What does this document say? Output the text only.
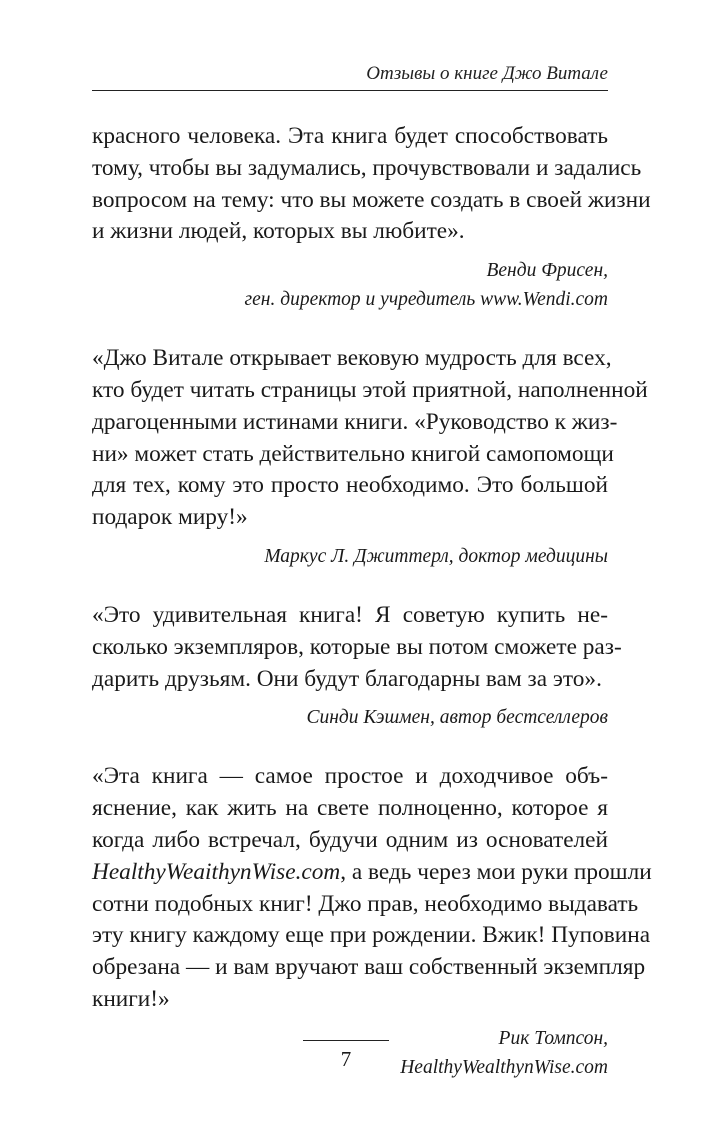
Отзывы о книге Джо Витале
красного человека. Эта книга будет способствовать
тому, чтобы вы задумались, прочувствовали и задались
вопросом на тему: что вы можете создать в своей жизни
и жизни людей, которых вы любите».
Венди Фрисен,
ген. директор и учредитель www.Wendi.com
«Джо Витале открывает вековую мудрость для всех,
кто будет читать страницы этой приятной, наполненной
драгоценными истинами книги. «Руководство к жиз-
ни» может стать действительно книгой самопомощи
для тех, кому это просто необходимо. Это большой
подарок миру!»
Маркус Л. Джиттерл, доктор медицины
«Это удивительная книга! Я советую купить не-
сколько экземпляров, которые вы потом сможете раз-
дарить друзьям. Они будут благодарны вам за это».
Синди Кэшмен, автор бестселлеров
«Эта книга — самое простое и доходчивое объ-
яснение, как жить на свете полноценно, которое я
когда либо встречал, будучи одним из основателей
HealthyWeaithynWise.com, а ведь через мои руки прошли
сотни подобных книг! Джо прав, необходимо выдавать
эту книгу каждому еще при рождении. Вжик! Пуповина
обрезана — и вам вручают ваш собственный экземпляр
книги!»
Рик Томпсон,
HealthyWealthynWise.com
7
